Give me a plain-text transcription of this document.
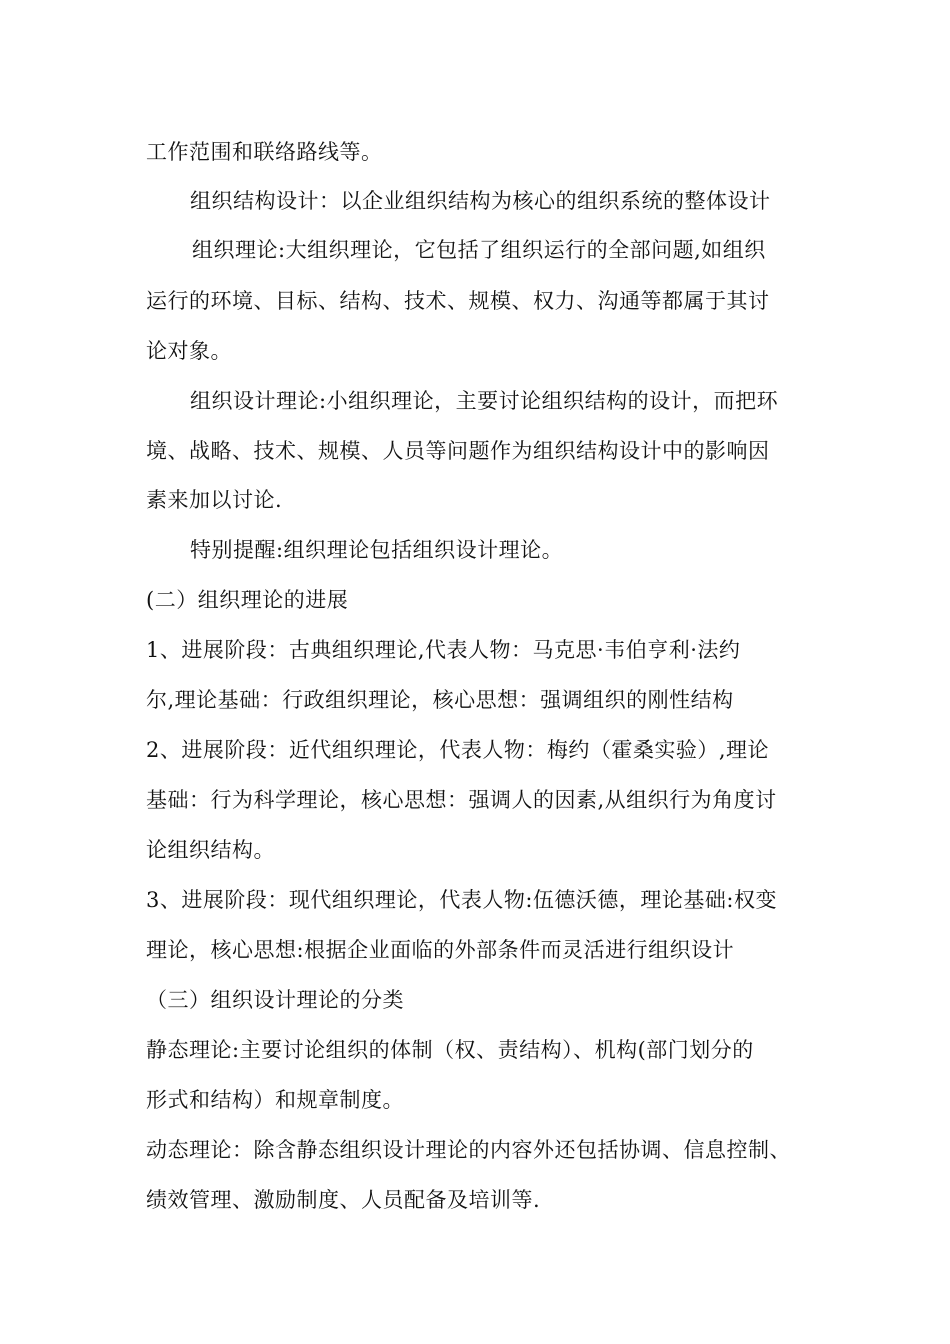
工作范围和联络路线等。
组织结构设计：以企业组织结构为核心的组织系统的整体设计
组织理论:大组织理论，它包括了组织运行的全部问题,如组织
运行的环境、目标、结构、技术、规模、权力、沟通等都属于其讨
论对象。
组织设计理论:小组织理论，主要讨论组织结构的设计，而把环
境、战略、技术、规模、人员等问题作为组织结构设计中的影响因
素来加以讨论.
特别提醒:组织理论包括组织设计理论。
(二）组织理论的进展
1、进展阶段：古典组织理论,代表人物：马克思·韦伯亨利·法约
尔,理论基础：行政组织理论，核心思想：强调组织的刚性结构
2、进展阶段：近代组织理论，代表人物：梅约（霍桑实验）,理论
基础：行为科学理论，核心思想：强调人的因素,从组织行为角度讨
论组织结构。
3、进展阶段：现代组织理论，代表人物:伍德沃德，理论基础:权变
理论，核心思想:根据企业面临的外部条件而灵活进行组织设计
（三）组织设计理论的分类
静态理论:主要讨论组织的体制（权、责结构）、机构(部门划分的
形式和结构）和规章制度。
动态理论：除含静态组织设计理论的内容外还包括协调、信息控制、
绩效管理、激励制度、人员配备及培训等.
